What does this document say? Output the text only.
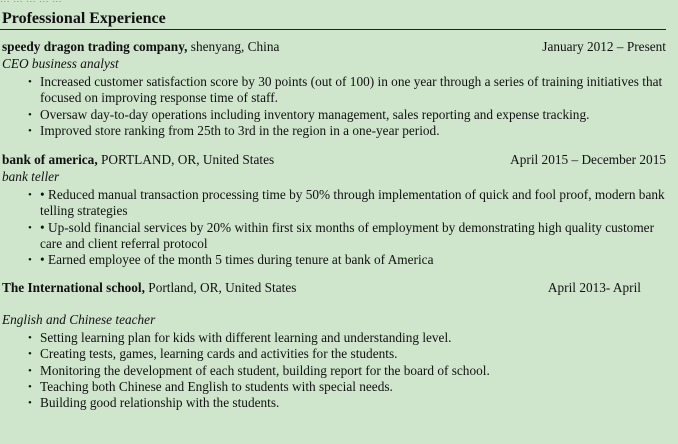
Professional Experience
speedy dragon trading company, shenyang, China	January 2012 – Present
CEO business analyst
• Increased customer satisfaction score by 30 points (out of 100) in one year through a series of training initiatives that focused on improving response time of staff.
• Oversaw day-to-day operations including inventory management, sales reporting and expense tracking.
• Improved store ranking from 25th to 3rd in the region in a one-year period.
bank of america, PORTLAND, OR, United States	April 2015 – December 2015
bank teller
• • Reduced manual transaction processing time by 50% through implementation of quick and fool proof, modern bank telling strategies
• • Up-sold financial services by 20% within first six months of employment by demonstrating high quality customer care and client referral protocol
• • Earned employee of the month 5 times during tenure at bank of America
The International school, Portland, OR, United States	April 2013- April
English and Chinese teacher
• Setting learning plan for kids with different learning and understanding level.
• Creating tests, games, learning cards and activities for the students.
• Monitoring the development of each student, building report for the board of school.
• Teaching both Chinese and English to students with special needs.
• Building good relationship with the students.
